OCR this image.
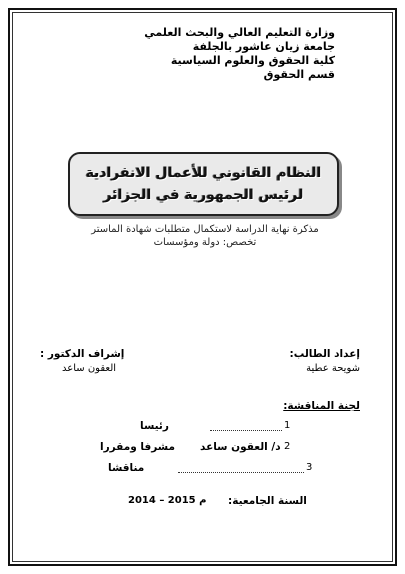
وزارة التعليم العالي والبحث العلمي
جامعة زيان عاشور بالجلفة
كلية الحقوق والعلوم السياسية
قسم الحقوق
النظام القانوني للأعمال الانفرادية
لرئيس الجمهورية في الجزائر
مذكرة نهاية الدراسة لاستكمال متطلبات شهادة الماستر
تخصص: دولة ومؤسسات
إعداد الطالب:
شويحة عطية
إشراف الدكتور :
العقون ساعد
لجنة المناقشة:
1
رئيسا
2
د/ العقون ساعد
مشرفا ومقررا
3
مناقشا
السنة الجامعية:
2014 – 2015 م
